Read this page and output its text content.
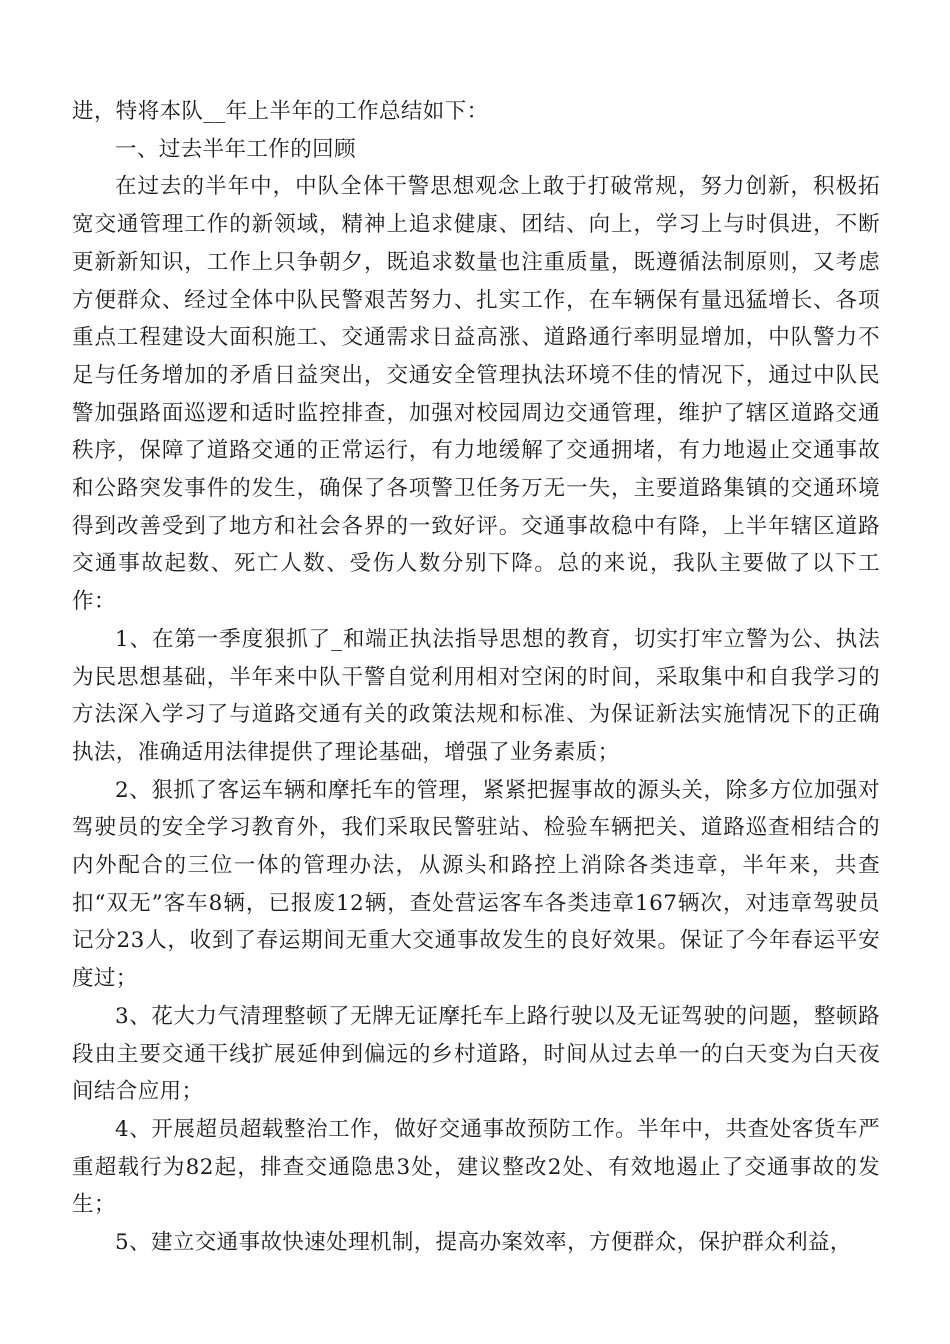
进，特将本队__年上半年的工作总结如下：

一、过去半年工作的回顾

在过去的半年中，中队全体干警思想观念上敢于打破常规，努力创新，积极拓宽交通管理工作的新领域，精神上追求健康、团结、向上，学习上与时俱进，不断更新新知识，工作上只争朝夕，既追求数量也注重质量，既遵循法制原则，又考虑方便群众、经过全体中队民警艰苦努力、扎实工作，在车辆保有量迅猛增长、各项重点工程建设大面积施工、交通需求日益高涨、道路通行率明显增加，中队警力不足与任务增加的矛盾日益突出，交通安全管理执法环境不佳的情况下，通过中队民警加强路面巡逻和适时监控排查，加强对校园周边交通管理，维护了辖区道路交通秩序，保障了道路交通的正常运行，有力地缓解了交通拥堵，有力地遏止交通事故和公路突发事件的发生，确保了各项警卫任务万无一失，主要道路集镇的交通环境得到改善受到了地方和社会各界的一致好评。交通事故稳中有降，上半年辖区道路交通事故起数、死亡人数、受伤人数分别下降。总的来说，我队主要做了以下工作：

1、在第一季度狠抓了_和端正执法指导思想的教育，切实打牢立警为公、执法为民思想基础，半年来中队干警自觉利用相对空闲的时间，采取集中和自我学习的方法深入学习了与道路交通有关的政策法规和标准、为保证新法实施情况下的正确执法，准确适用法律提供了理论基础，增强了业务素质；

2、狠抓了客运车辆和摩托车的管理，紧紧把握事故的源头关，除多方位加强对驾驶员的安全学习教育外，我们采取民警驻站、检验车辆把关、道路巡查相结合的内外配合的三位一体的管理办法，从源头和路控上消除各类违章，半年来，共查扣“双无”客车8辆，已报废12辆，查处营运客车各类违章167辆次，对违章驾驶员记分23人，收到了春运期间无重大交通事故发生的良好效果。保证了今年春运平安度过；

3、花大力气清理整顿了无牌无证摩托车上路行驶以及无证驾驶的问题，整顿路段由主要交通干线扩展延伸到偏远的乡村道路，时间从过去单一的白天变为白天夜间结合应用；

4、开展超员超载整治工作，做好交通事故预防工作。半年中，共查处客货车严重超载行为82起，排查交通隐患3处，建议整改2处、有效地遏止了交通事故的发生；

5、建立交通事故快速处理机制，提高办案效率，方便群众，保护群众利益，
